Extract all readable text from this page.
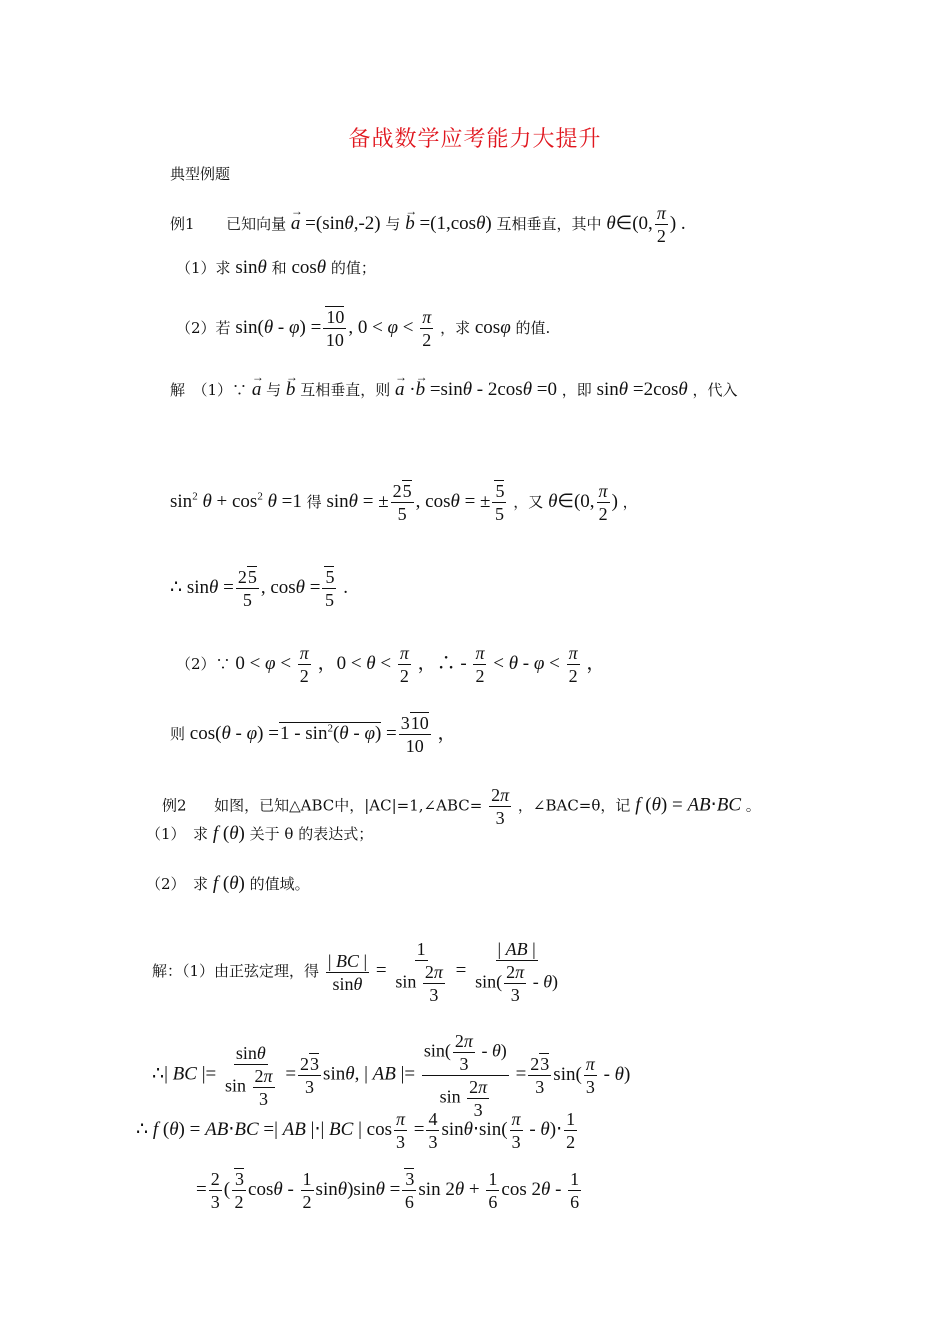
备战数学应考能力大提升
典型例题
例1 已知向量 → a =(sinθ,-2) 与 → b =(1,cosθ) 互相垂直，其中 θ∈(0, $\frac{\pi}{2}$ ) .
（1）求 sinθ 和 cosθ 的值；
（2）若 $\sin(\theta - \varphi) = \frac{10}{10}$ , $0 < \varphi < \frac{\pi}{2}$ ，求 cosφ 的值.
解　（1）∵ → a 与 → b 互相垂直，则 → a ·→ b =sinθ - 2cosθ =0 ，即 sinθ =2cosθ ，代入
$\sin^2 \theta + \cos^2 \theta =1$ 得 sinθ = ± $\frac{25}{5}$ , cosθ = ± $\frac{5}{5}$ ，又 θ∈(0, $\frac{\pi}{2}$ ) ，
∴ $\sin\theta = \frac{25}{5}$ , $\cos\theta = \frac{5}{5}$ .
（2）∵ $0 < \varphi < \frac{\pi}{2}$ ，$0 < \theta < \frac{\pi}{2}$ ，∴ - $\frac{\pi}{2} < \theta - \varphi < \frac{\pi}{2}$ ，
则 $\cos(\theta - \varphi) =1 - \sin^2(\theta - \varphi) = \frac{310}{10}$ ，
例2 如图，已知△ABC中，|AC|=1,∠ABC= $\frac{2\pi}{3}$ ，∠BAC=θ，记 f (θ) = AB⋅BC 。
（1）　求 f (θ) 关于 θ 的表达式；
（2）　求 f (θ) 的值域。
解：（1）由正弦定理，得 $\frac{| BC |}{\sin\theta} = \frac{1}{\sin \frac{2\pi}{3}} = \frac{| AB |}{\sin( \frac{2\pi}{3} - \theta)}$
∴| BC |= $\frac{\sin\theta}{\sin \frac{2\pi}{3}} = \frac{23}{3} \sin\theta$, | AB |= $\frac{\sin( \frac{2\pi}{3} - \theta)}{\sin \frac{2\pi}{3}} = \frac{23}{3} \sin( \frac{\pi}{3} - \theta)$
∴ f (θ) = AB⋅BC =| AB |⋅| BC | $\cos \frac{\pi}{3} = \frac{4}{3} \sin\theta\cdot\sin( \frac{\pi}{3} - \theta)\cdot \frac{1}{2}$
= $\frac{2}{3}$ ( $\frac{3}{2}$ $\cos\theta - \frac{1}{2} \sin\theta)\sin\theta = \frac{3}{6}$ $\sin 2\theta + \frac{1}{6}$ $\cos 2\theta - \frac{1}{6}$
